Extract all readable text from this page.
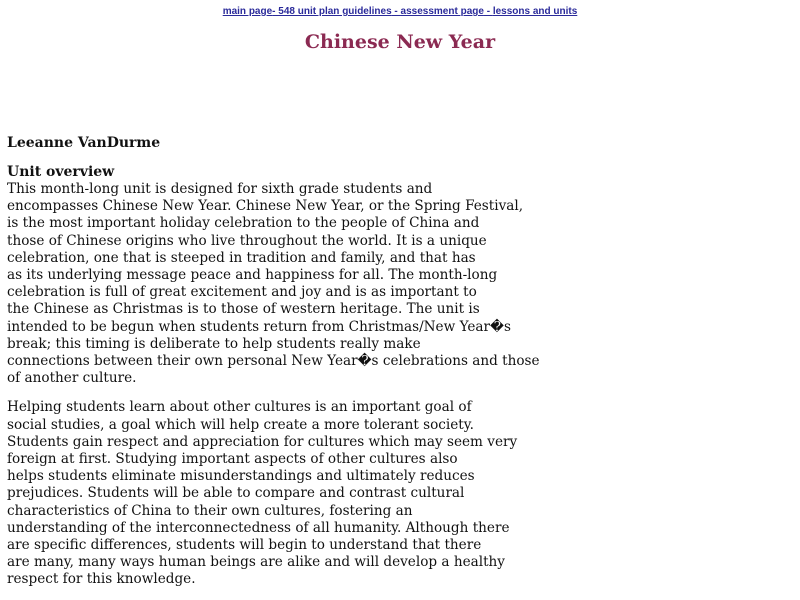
main page- 548 unit plan guidelines - assessment page - lessons and units
Chinese New Year

Leeanne VanDurme

Unit overview

This month-long unit is designed for sixth grade students and
encompasses Chinese New Year. Chinese New Year, or the Spring Festival,
is the most important holiday celebration to the people of China and
those of Chinese origins who live throughout the world. It is a unique
celebration, one that is steeped in tradition and family, and that has
as its underlying message peace and happiness for all. The month-long
celebration is full of great excitement and joy and is as important to
the Chinese as Christmas is to those of western heritage. The unit is
intended to be begun when students return from Christmas/New Year�s
break; this timing is deliberate to help students really make
connections between their own personal New Year�s celebrations and those
of another culture.

Helping students learn about other cultures is an important goal of
social studies, a goal which will help create a more tolerant society.
Students gain respect and appreciation for cultures which may seem very
foreign at first. Studying important aspects of other cultures also
helps students eliminate misunderstandings and ultimately reduces
prejudices. Students will be able to compare and contrast cultural
characteristics of China to their own cultures, fostering an
understanding of the interconnectedness of all humanity. Although there
are specific differences, students will begin to understand that there
are many, many ways human beings are alike and will develop a healthy
respect for this knowledge.
